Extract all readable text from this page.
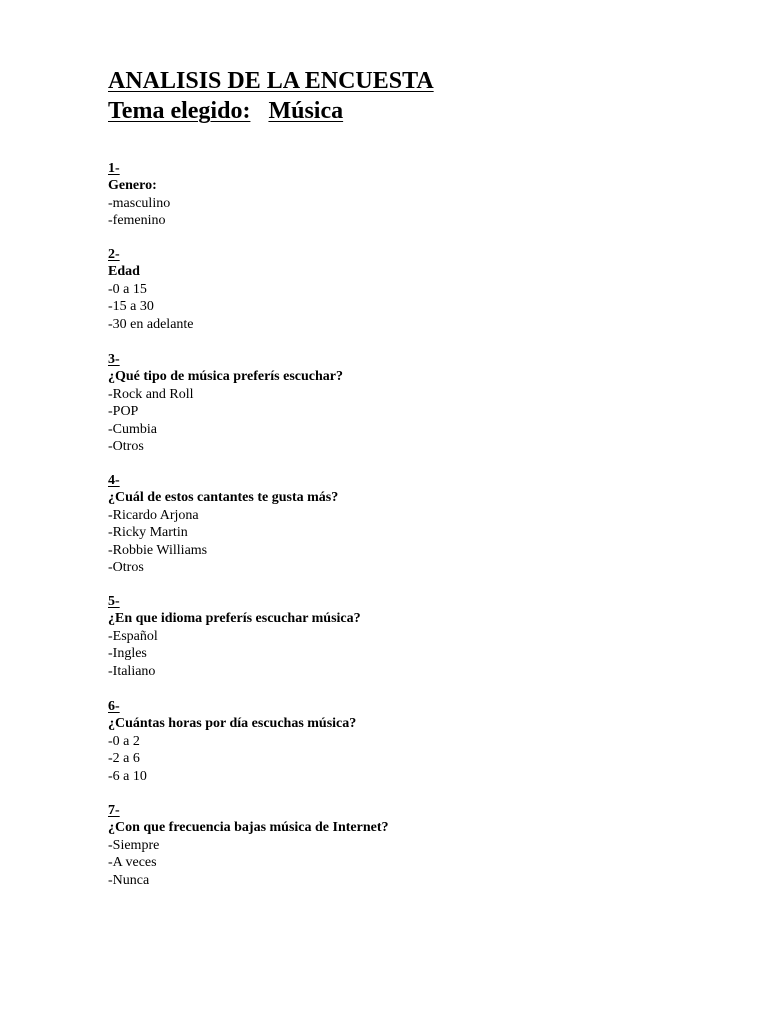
ANALISIS DE LA ENCUESTA
Tema elegido: Música
1-
Genero:
-masculino
-femenino
2-
Edad
-0 a 15
-15 a 30
-30 en adelante
3-
¿Qué tipo de música preferís escuchar?
-Rock and Roll
-POP
-Cumbia
-Otros
4-
¿Cuál de estos cantantes te gusta más?
-Ricardo Arjona
-Ricky Martin
-Robbie Williams
-Otros
5-
¿En que idioma preferís escuchar música?
-Español
-Ingles
-Italiano
6-
¿Cuántas horas por día escuchas música?
-0 a 2
-2 a 6
-6 a 10
7-
¿Con que frecuencia bajas música de Internet?
-Siempre
-A veces
-Nunca
